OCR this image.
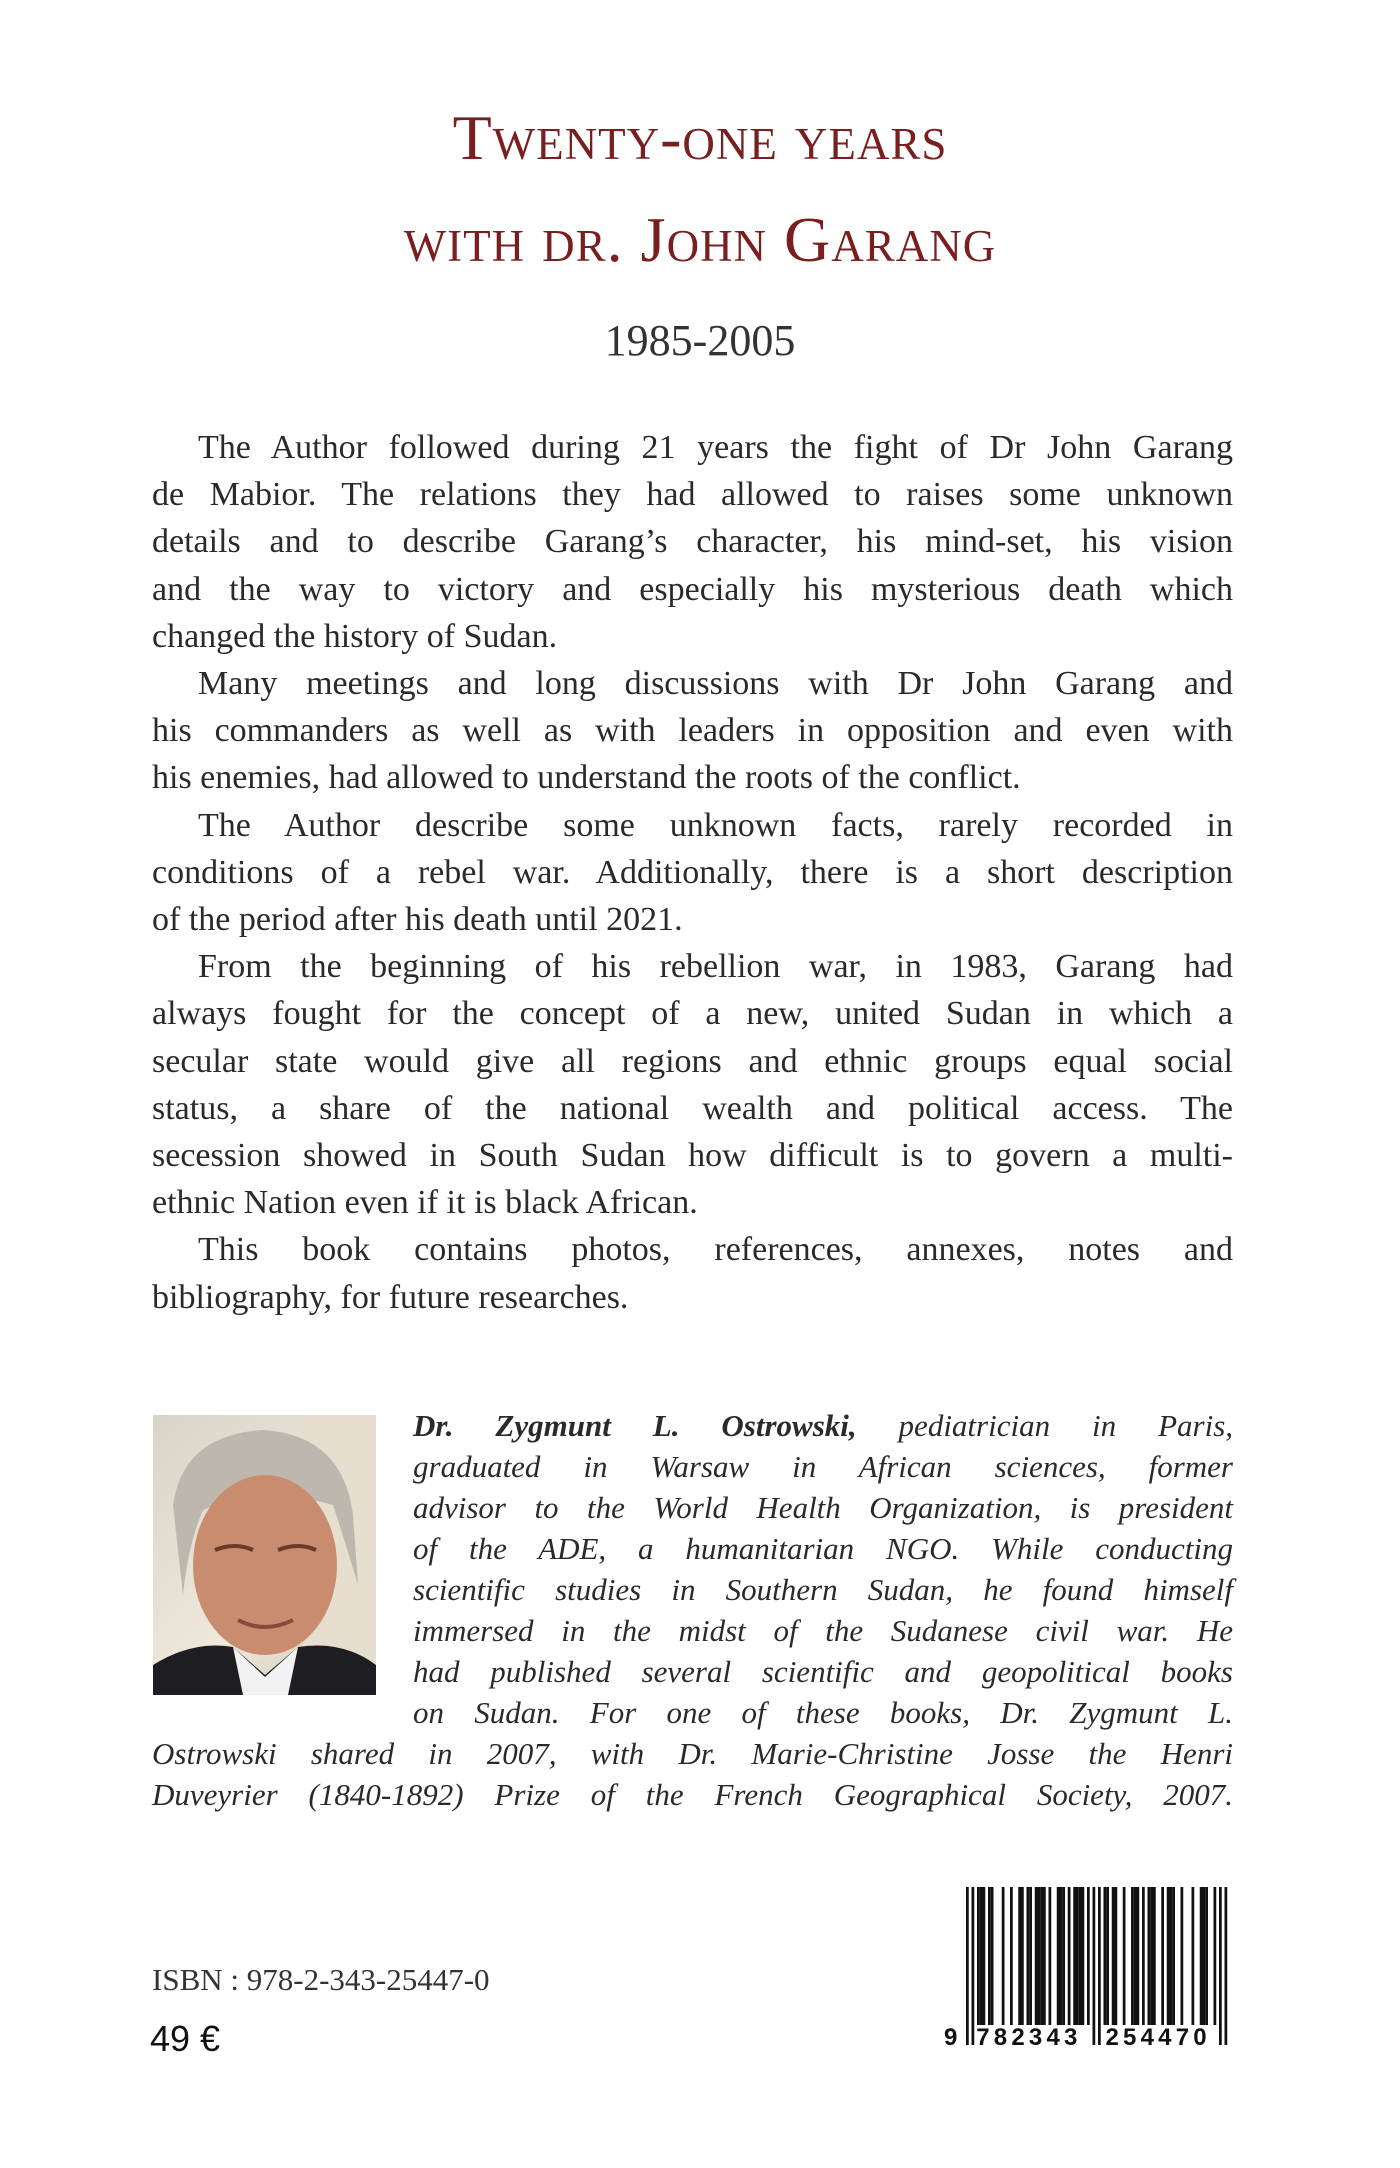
Twenty-one years
with dr. John Garang
1985-2005
The Author followed during 21 years the fight of Dr John Garang
de Mabior. The relations they had allowed to raises some unknown
details and to describe Garang’s character, his mind-set, his vision
and the way to victory and especially his mysterious death which
changed the history of Sudan.
Many meetings and long discussions with Dr John Garang and
his commanders as well as with leaders in opposition and even with
his enemies, had allowed to understand the roots of the conflict.
The Author describe some unknown facts, rarely recorded in
conditions of a rebel war. Additionally, there is a short description
of the period after his death until 2021.
From the beginning of his rebellion war, in 1983, Garang had
always fought for the concept of a new, united Sudan in which a
secular state would give all regions and ethnic groups equal social
status, a share of the national wealth and political access. The
secession showed in South Sudan how difficult is to govern a multi-
ethnic Nation even if it is black African.
This book contains photos, references, annexes, notes and
bibliography, for future researches.
Dr. Zygmunt L. Ostrowski, pediatrician in Paris,
graduated in Warsaw in African sciences, former
advisor to the World Health Organization, is president
of the ADE, a humanitarian NGO. While conducting
scientific studies in Southern Sudan, he found himself
immersed in the midst of the Sudanese civil war. He
had published several scientific and geopolitical books
on Sudan. For one of these books, Dr. Zygmunt L.
Ostrowski shared in 2007, with Dr. Marie-Christine Josse the Henri
Duveyrier (1840-1892) Prize of the French Geographical Society, 2007.
ISBN : 978-2-343-25447-0
49 €	9 782343 254470
